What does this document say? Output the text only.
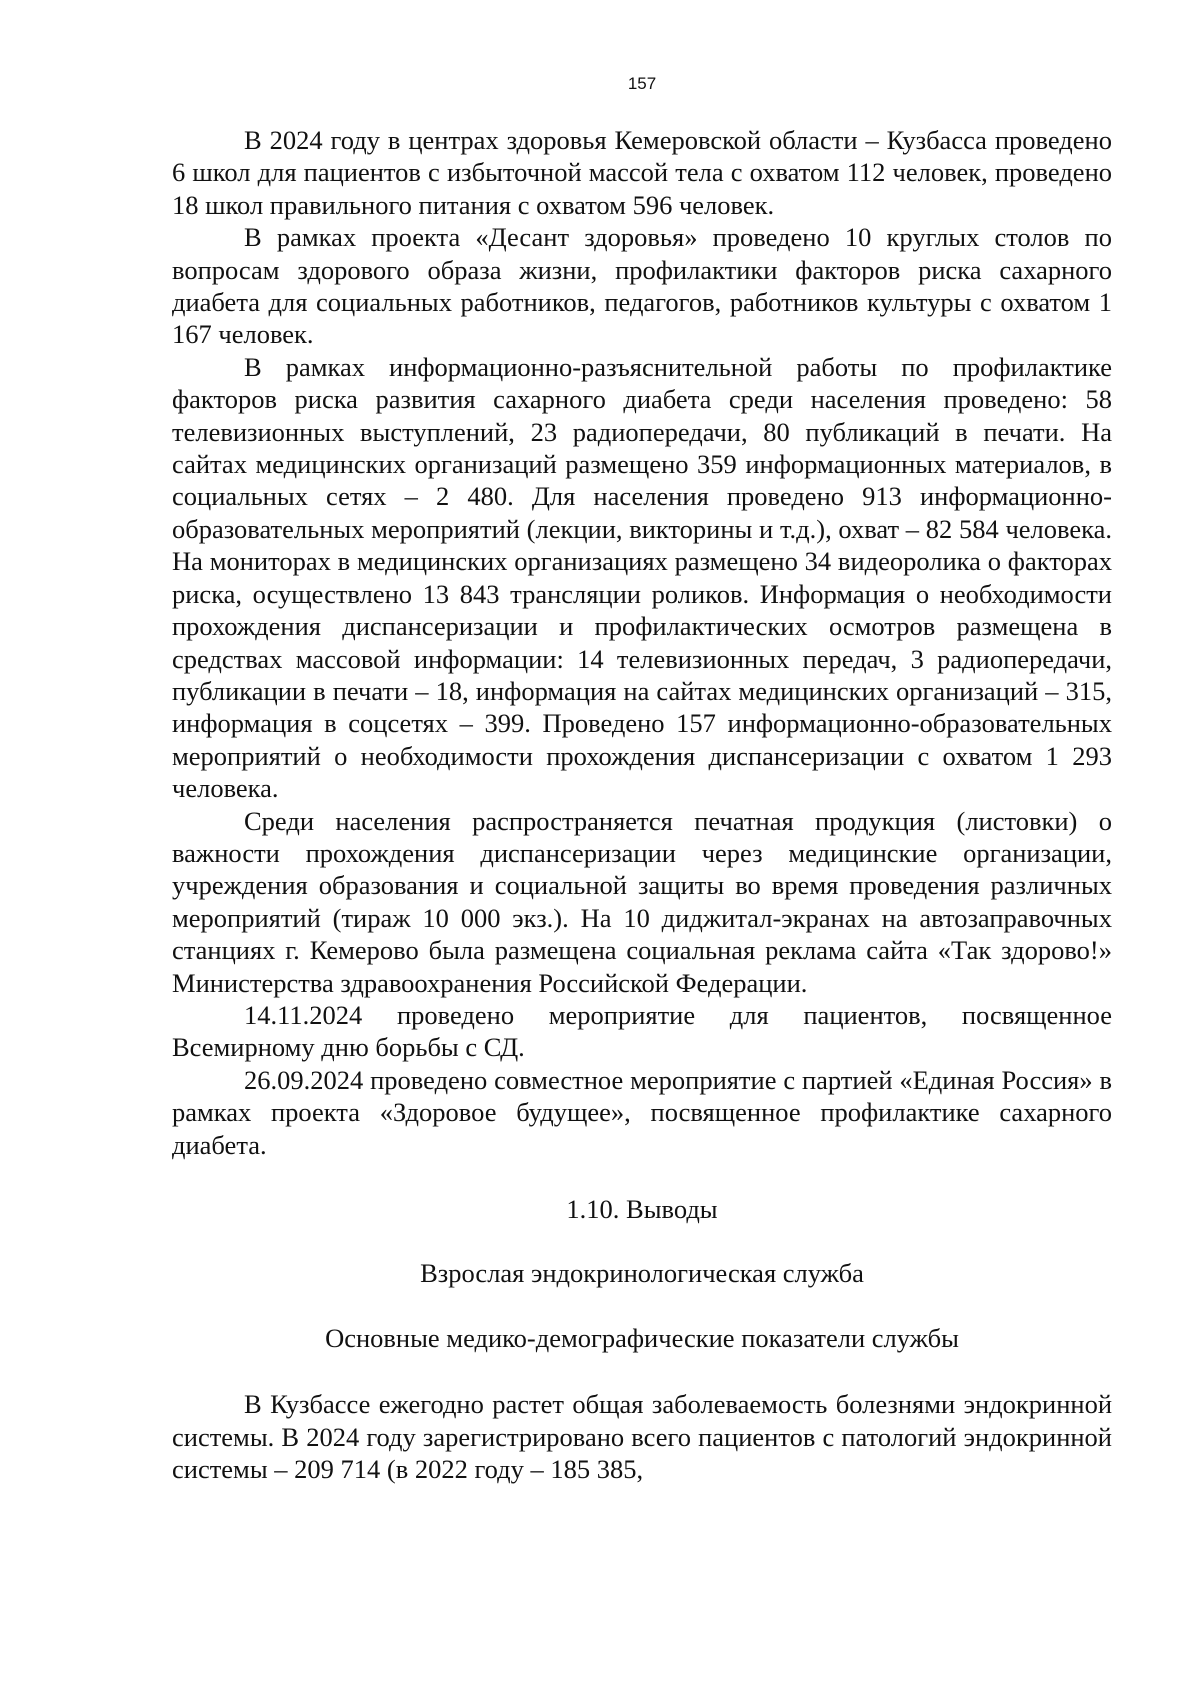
157

В 2024 году в центрах здоровья Кемеровской области – Кузбасса проведено 6 школ для пациентов с избыточной массой тела с охватом 112 человек, проведено 18 школ правильного питания с охватом 596 человек.

В рамках проекта «Десант здоровья» проведено 10 круглых столов по вопросам здорового образа жизни, профилактики факторов риска сахарного диабета для социальных работников, педагогов, работников культуры с охватом 1 167 человек.

В рамках информационно-разъяснительной работы по профилактике факторов риска развития сахарного диабета среди населения проведено: 58 телевизионных выступлений, 23 радиопередачи, 80 публикаций в печати. На сайтах медицинских организаций размещено 359 информационных материалов, в социальных сетях – 2 480. Для населения проведено 913 информационно-образовательных мероприятий (лекции, викторины и т.д.), охват – 82 584 человека. На мониторах в медицинских организациях размещено 34 видеоролика о факторах риска, осуществлено 13 843 трансляции роликов. Информация о необходимости прохождения диспансеризации и профилактических осмотров размещена в средствах массовой информации: 14 телевизионных передач, 3 радиопередачи, публикации в печати – 18, информация на сайтах медицинских организаций – 315, информация в соцсетях – 399. Проведено 157 информационно-образовательных мероприятий о необходимости прохождения диспансеризации с охватом 1 293 человека.

Среди населения распространяется печатная продукция (листовки) о важности прохождения диспансеризации через медицинские организации, учреждения образования и социальной защиты во время проведения различных мероприятий (тираж 10 000 экз.). На 10 диджитал-экранах на автозаправочных станциях г. Кемерово была размещена социальная реклама сайта «Так здорово!» Министерства здравоохранения Российской Федерации.

14.11.2024 проведено мероприятие для пациентов, посвященное Всемирному дню борьбы с СД.

26.09.2024 проведено совместное мероприятие с партией «Единая Россия» в рамках проекта «Здоровое будущее», посвященное профилактике сахарного диабета.

1.10. Выводы

Взрослая эндокринологическая служба

Основные медико-демографические показатели службы

В Кузбассе ежегодно растет общая заболеваемость болезнями эндокринной системы. В 2024 году зарегистрировано всего пациентов с патологий эндокринной системы – 209 714 (в 2022 году – 185 385,
